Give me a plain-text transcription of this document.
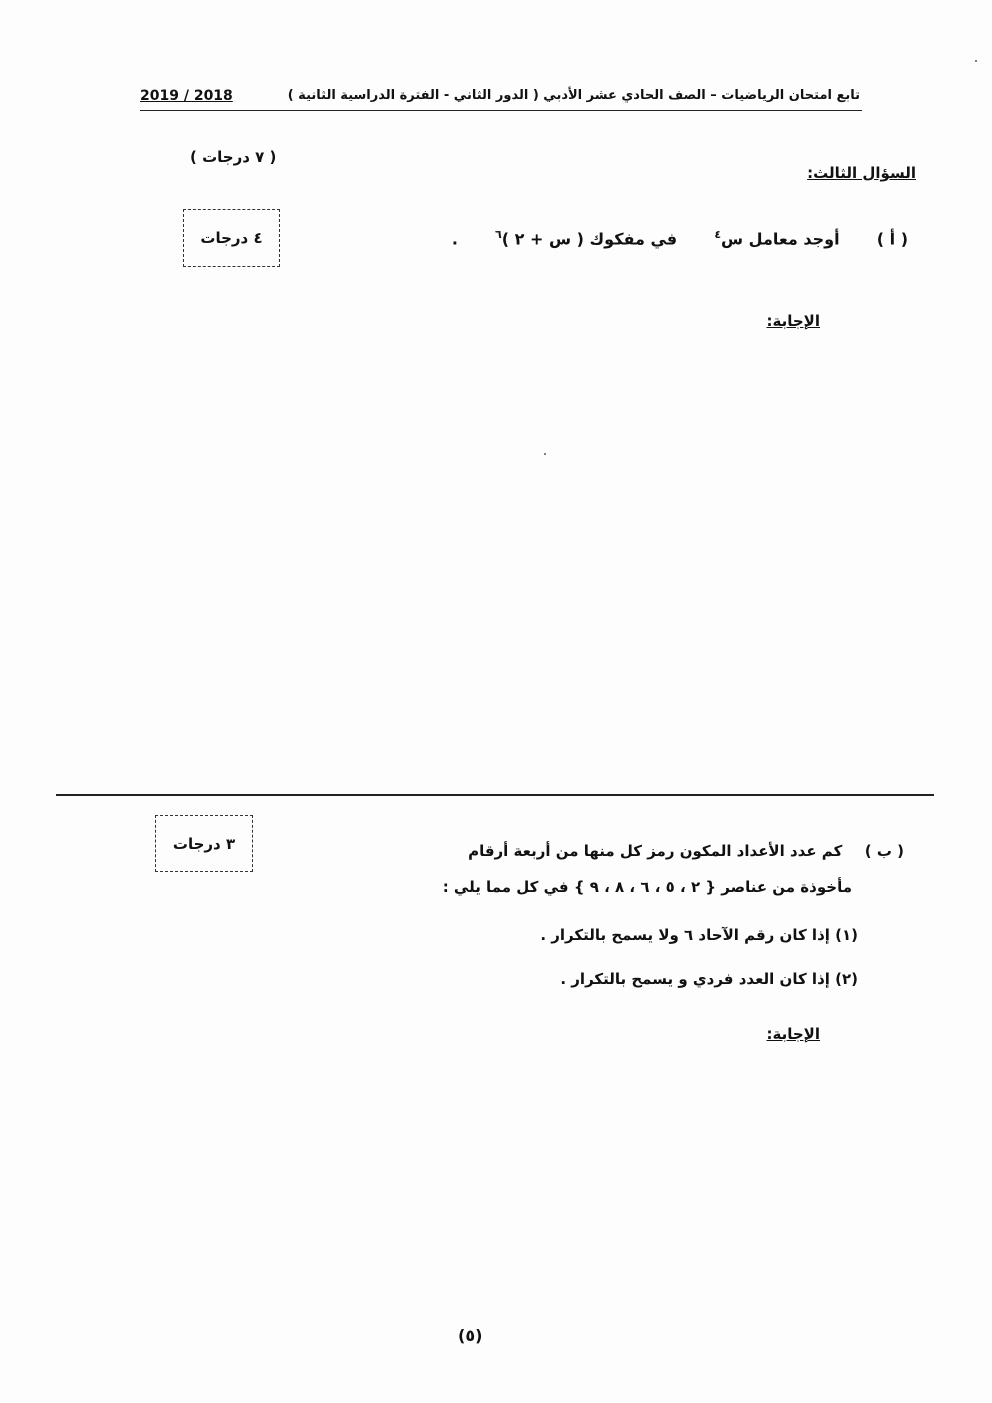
2019 / 2018	تابع امتحان الرياضيات – الصف الحادي عشر الأدبي ( الدور الثاني - الفترة الدراسية الثانية )
( ٧ درجات )
السؤال الثالث:
٤ درجات	( أ )  أوجد معامل س$^٤$  في مفكوك ( س + ٢ )$^٦$  .
الإجابة:
٣ درجات	( ب )  كم عدد الأعداد المكون رمز كل منها من أربعة أرقام
مأخوذة من عناصر { ٢ ، ٥ ، ٦ ، ٨ ، ٩ } في كل مما يلي :
(١) إذا كان رقم الآحاد ٦ ولا يسمح بالتكرار .
(٢) إذا كان العدد فردي و يسمح بالتكرار .
الإجابة:
(٥)
